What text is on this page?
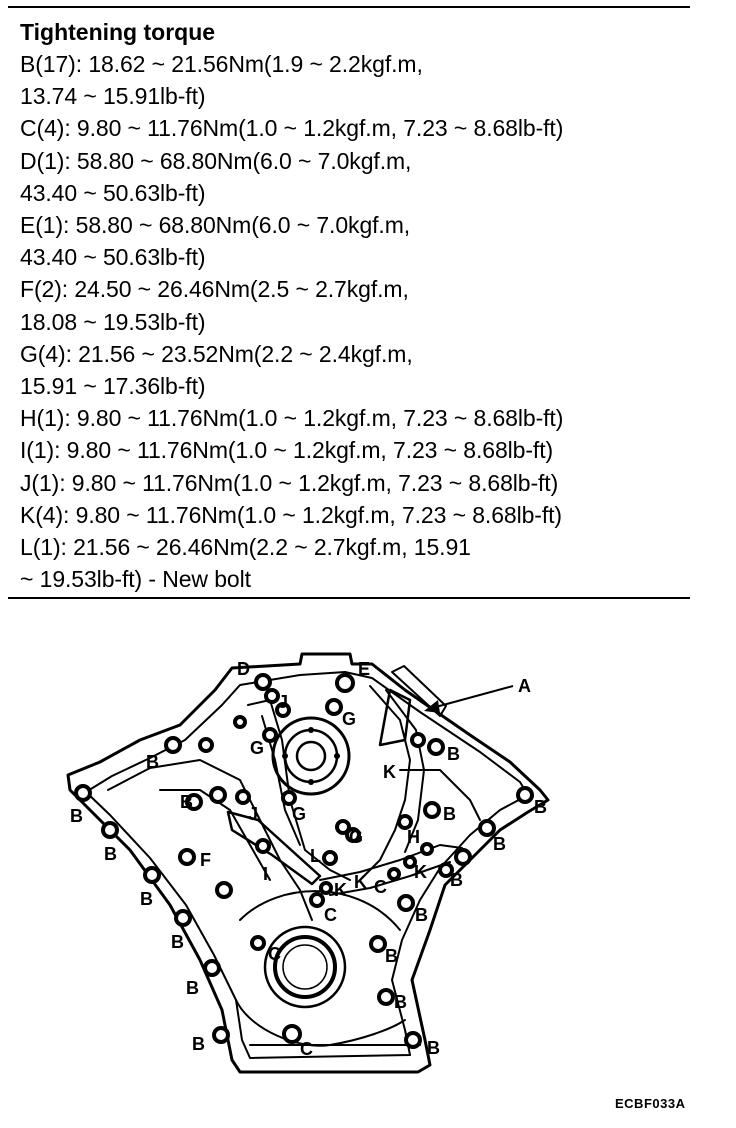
Tightening torque
B(17): 18.62 ~ 21.56Nm(1.9 ~ 2.2kgf.m,
13.74 ~ 15.91lb-ft)
C(4): 9.80 ~ 11.76Nm(1.0 ~ 1.2kgf.m, 7.23 ~ 8.68lb-ft)
D(1): 58.80 ~ 68.80Nm(6.0 ~ 7.0kgf.m,
43.40 ~ 50.63lb-ft)
E(1): 58.80 ~ 68.80Nm(6.0 ~ 7.0kgf.m,
43.40 ~ 50.63lb-ft)
F(2): 24.50 ~ 26.46Nm(2.5 ~ 2.7kgf.m,
18.08 ~ 19.53lb-ft)
G(4): 21.56 ~ 23.52Nm(2.2 ~ 2.4kgf.m,
15.91 ~ 17.36lb-ft)
H(1): 9.80 ~ 11.76Nm(1.0 ~ 1.2kgf.m, 7.23 ~ 8.68lb-ft)
I(1): 9.80 ~ 11.76Nm(1.0 ~ 1.2kgf.m, 7.23 ~ 8.68lb-ft)
J(1): 9.80 ~ 11.76Nm(1.0 ~ 1.2kgf.m, 7.23 ~ 8.68lb-ft)
K(4): 9.80 ~ 11.76Nm(1.0 ~ 1.2kgf.m, 7.23 ~ 8.68lb-ft)
L(1): 21.56 ~ 26.46Nm(2.2 ~ 2.7kgf.m, 15.91
~ 19.53lb-ft) - New bolt
A
D	E
F
G
G
G
G H
I
J
J
K
K K	K
L
C
C
C
C
B	B
B
B
B
B
B
B
B
B	B
B
B
B
B
B
B
ECBF033A
